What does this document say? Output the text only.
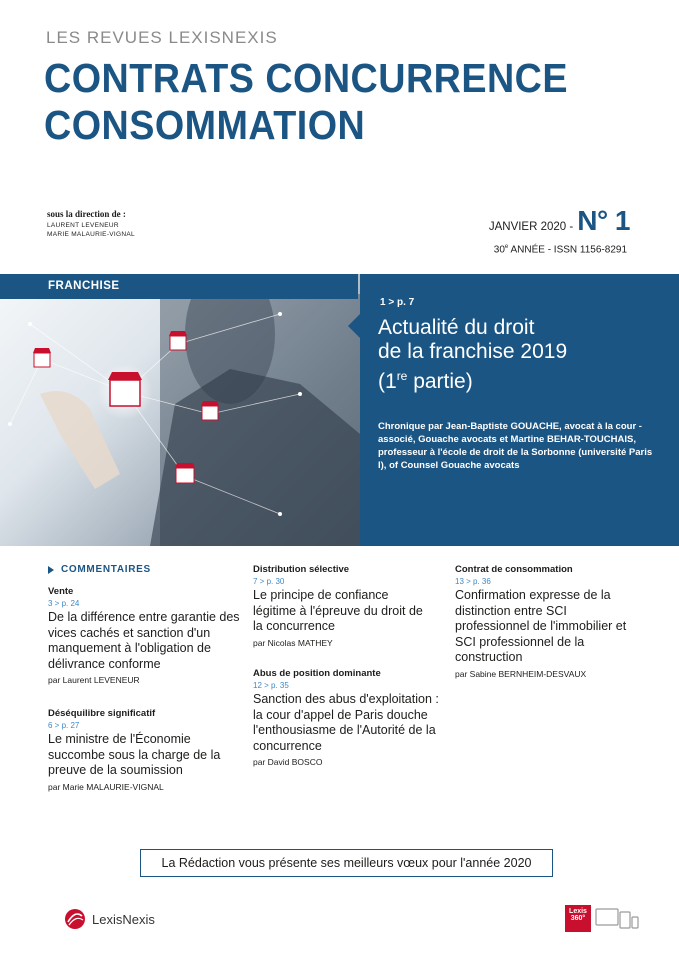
LES REVUES LEXISNEXIS
CONTRATS CONCURRENCE
CONSOMMATION
sous la direction de :
LAURENT LEVENEUR
MARIE MALAURIE-VIGNAL
JANVIER 2020 - N° 1
30e ANNÉE - ISSN 1156-8291
FRANCHISE
1 > p. 7
Actualité du droit
de la franchise 2019
(1re partie)
Chronique par Jean-Baptiste GOUACHE, avocat à la cour - associé, Gouache avocats et Martine BEHAR-TOUCHAIS, professeur à l'école de droit de la Sorbonne (université Paris I), of Counsel Gouache avocats
COMMENTAIRES
Vente
3 > p. 24
De la différence entre garantie des vices cachés et sanction d'un manquement à l'obligation de délivrance conforme
par Laurent LEVENEUR
Déséquilibre significatif
6 > p. 27
Le ministre de l'Économie succombe sous la charge de la preuve de la soumission
par Marie MALAURIE-VIGNAL
Distribution sélective
7 > p. 30
Le principe de confiance légitime à l'épreuve du droit de la concurrence
par Nicolas MATHEY
Abus de position dominante
12 > p. 35
Sanction des abus d'exploitation : la cour d'appel de Paris douche l'enthousiasme de l'Autorité de la concurrence
par David BOSCO
Contrat de consommation
13 > p. 36
Confirmation expresse de la distinction entre SCI professionnel de l'immobilier et SCI professionnel de la construction
par Sabine BERNHEIM-DESVAUX
La Rédaction vous présente ses meilleurs vœux pour l'année 2020
LexisNexis	Lexis
360°
